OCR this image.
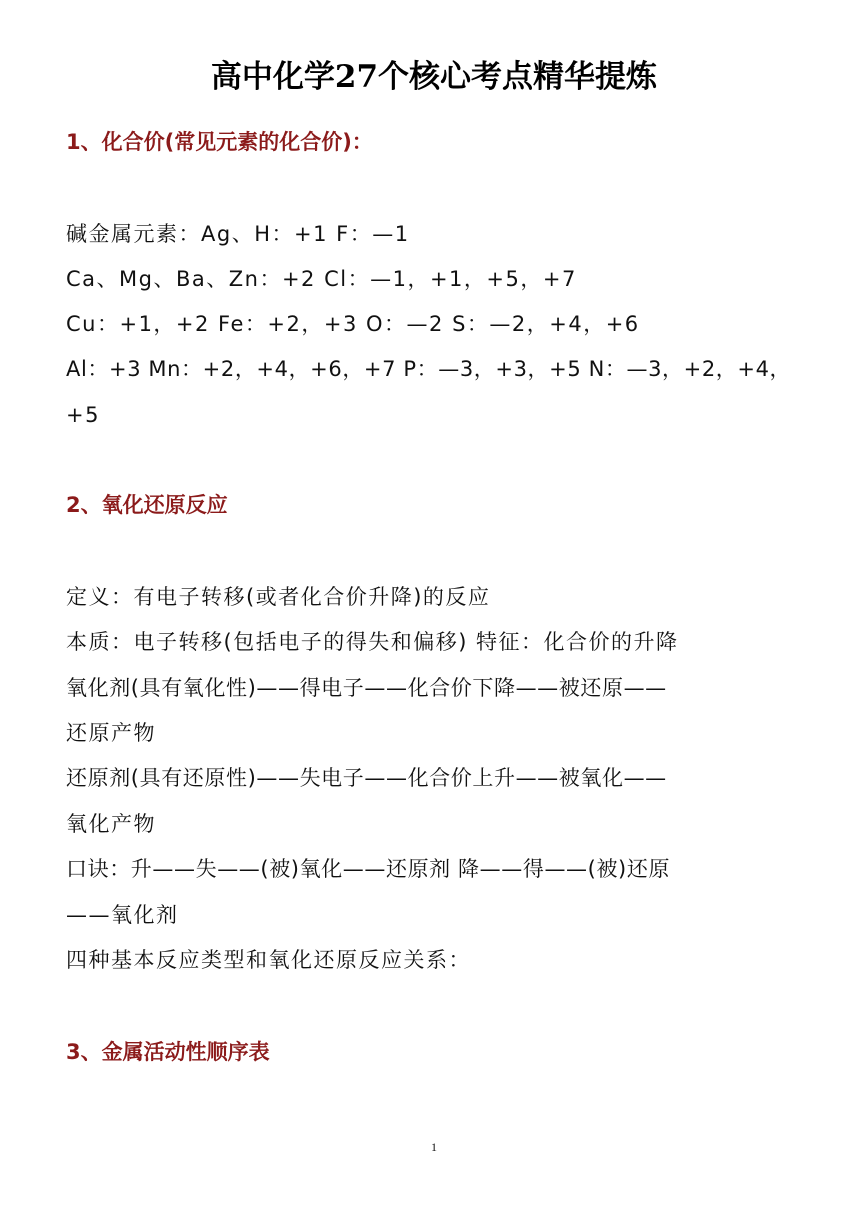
高中化学27个核心考点精华提炼
1、化合价(常见元素的化合价)：
碱金属元素：Ag、H：+1 F：—1
Ca、Mg、Ba、Zn：+2 Cl：—1，+1，+5，+7
Cu：+1，+2 Fe：+2，+3 O：—2 S：—2，+4，+6
Al：+3 Mn：+2，+4，+6，+7 P：—3，+3，+5 N：—3，+2，+4，
+5
2、氧化还原反应
定义：有电子转移(或者化合价升降)的反应
本质：电子转移(包括电子的得失和偏移) 特征：化合价的升降
氧化剂(具有氧化性)——得电子——化合价下降——被还原——
还原产物
还原剂(具有还原性)——失电子——化合价上升——被氧化——
氧化产物
口诀：升——失——(被)氧化——还原剂 降——得——(被)还原
——氧化剂
四种基本反应类型和氧化还原反应关系：
3、金属活动性顺序表
1
